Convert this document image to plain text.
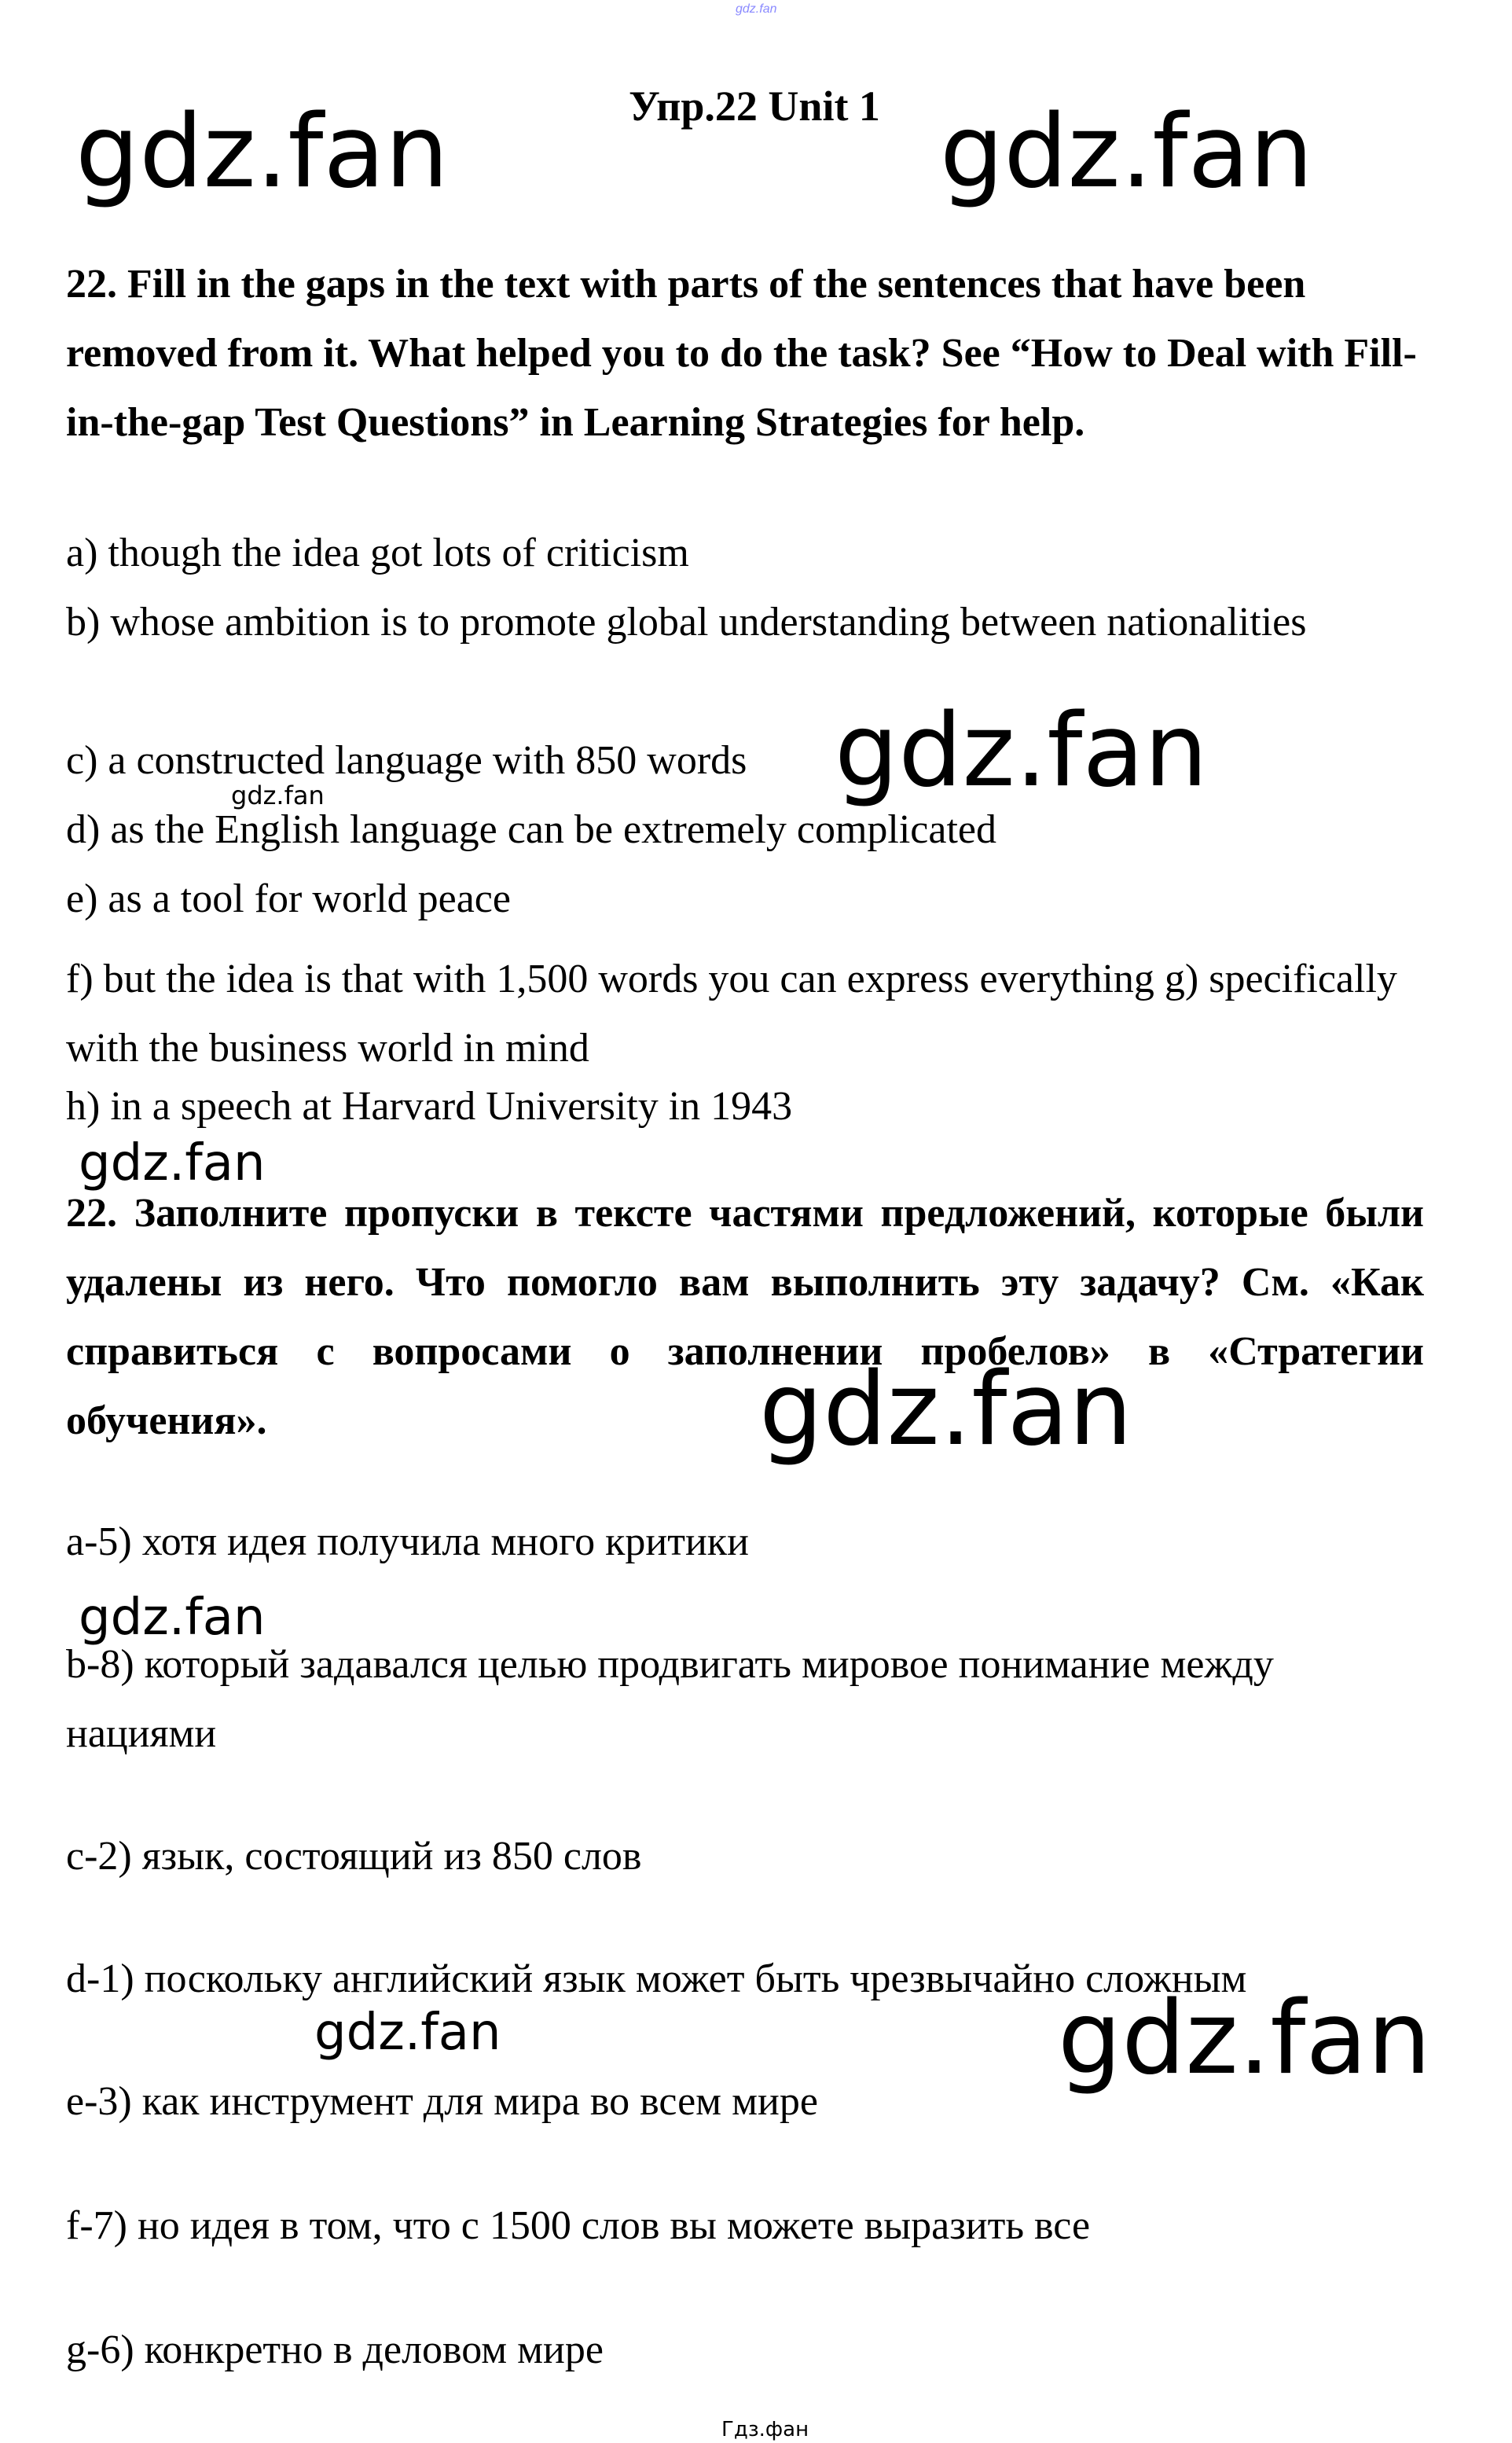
gdz.fan
Упр.22 Unit 1
gdz.fan	gdz.fan

22. Fill in the gaps in the text with parts of the sentences that have been removed from it. What helped you to do the task? See “How to Deal with Fill-in-the-gap Test Questions” in Learning Strategies for help.

a) though the idea got lots of criticism

b) whose ambition is to promote global understanding between nationalities

c) a constructed language with 850 words

d) as the English language can be extremely complicated

e) as a tool for world peace

f) but the idea is that with 1,500 words you can express everything g) specifically with the business world in mind

h) in a speech at Harvard University in 1943

gdz.fan
gdz.fan
gdz.fan

22. Заполните пропуски в тексте частями предложений, которые были удалены из него. Что помогло вам выполнить эту задачу? См. «Как справиться с вопросами о заполнении пробелов» в «Стратегии обучения».	gdz.fan

a-5) хотя идея получила много критики

gdz.fan

b-8) который задавался целью продвигать мировое понимание между нациями

c-2) язык, состоящий из 850 слов

d-1) поскольку английский язык может быть чрезвычайно сложным

gdz.fan	gdz.fan

e-3) как инструмент для мира во всем мире

f-7) но идея в том, что с 1500 слов вы можете выразить все

g-6) конкретно в деловом мире

Гдз.фан
